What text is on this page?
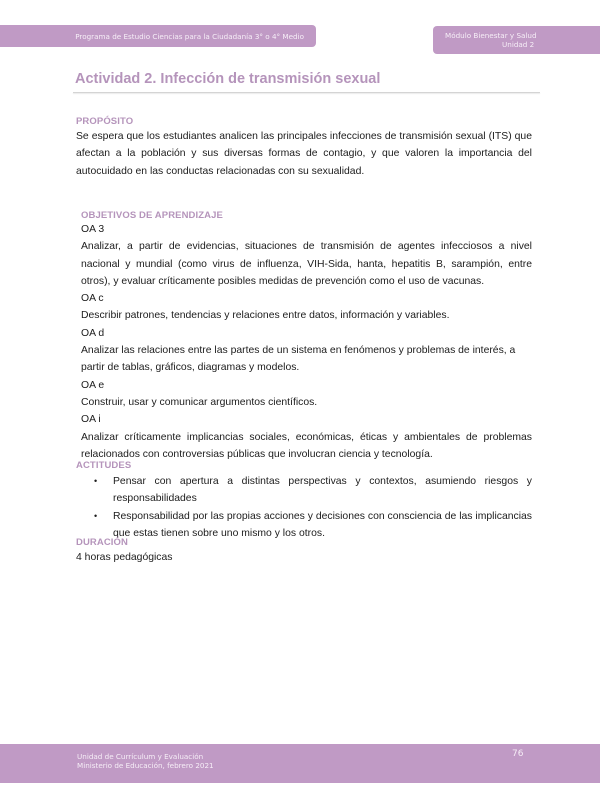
Programa de Estudio Ciencias para la Ciudadanía 3° o 4° Medio	Módulo Bienestar y Salud
Unidad 2
Actividad 2. Infección de transmisión sexual
PROPÓSITO
Se espera que los estudiantes analicen las principales infecciones de transmisión sexual (ITS) que afectan a la población y sus diversas formas de contagio, y que valoren la importancia del autocuidado en las conductas relacionadas con su sexualidad.
OBJETIVOS DE APRENDIZAJE
OA 3
Analizar, a partir de evidencias, situaciones de transmisión de agentes infecciosos a nivel nacional y mundial (como virus de influenza, VIH-Sida, hanta, hepatitis B, sarampión, entre otros), y evaluar críticamente posibles medidas de prevención como el uso de vacunas.
OA c
Describir patrones, tendencias y relaciones entre datos, información y variables.
OA d
Analizar las relaciones entre las partes de un sistema en fenómenos y problemas de interés, a partir de tablas, gráficos, diagramas y modelos.
OA e
Construir, usar y comunicar argumentos científicos.
OA i
Analizar críticamente implicancias sociales, económicas, éticas y ambientales de problemas relacionados con controversias públicas que involucran ciencia y tecnología.
ACTITUDES
• Pensar con apertura a distintas perspectivas y contextos, asumiendo riesgos y responsabilidades
• Responsabilidad por las propias acciones y decisiones con consciencia de las implicancias que estas tienen sobre uno mismo y los otros.
DURACIÓN
4 horas pedagógicas
Unidad de Currículum y Evaluación
Ministerio de Educación, febrero 2021
76
